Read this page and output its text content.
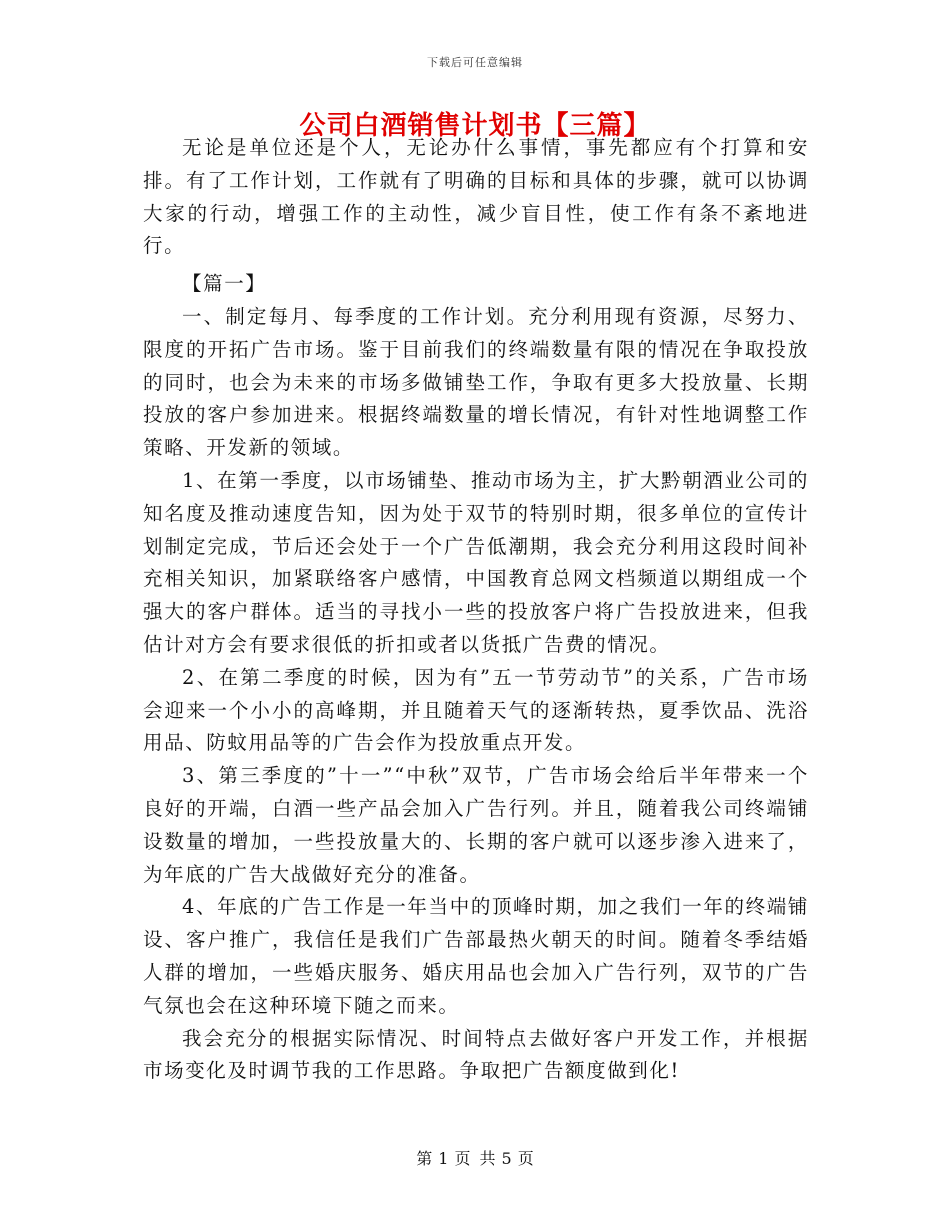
下载后可任意编辑
公司白酒销售计划书【三篇】

无论是单位还是个人，无论办什么事情，事先都应有个打算和安排。有了工作计划，工作就有了明确的目标和具体的步骤，就可以协调大家的行动，增强工作的主动性，减少盲目性，使工作有条不紊地进行。

【篇一】

一、制定每月、每季度的工作计划。充分利用现有资源，尽努力、限度的开拓广告市场。鉴于目前我们的终端数量有限的情况在争取投放的同时，也会为未来的市场多做铺垫工作，争取有更多大投放量、长期投放的客户参加进来。根据终端数量的增长情况，有针对性地调整工作策略、开发新的领域。

1、在第一季度，以市场铺垫、推动市场为主，扩大黔朝酒业公司的知名度及推动速度告知，因为处于双节的特别时期，很多单位的宣传计划制定完成，节后还会处于一个广告低潮期，我会充分利用这段时间补充相关知识，加紧联络客户感情，中国教育总网文档频道以期组成一个强大的客户群体。适当的寻找小一些的投放客户将广告投放进来，但我估计对方会有要求很低的折扣或者以货抵广告费的情况。

2、在第二季度的时候，因为有”五一节劳动节”的关系，广告市场会迎来一个小小的高峰期，并且随着天气的逐渐转热，夏季饮品、洗浴用品、防蚊用品等的广告会作为投放重点开发。

3、第三季度的”十一”“中秋”双节，广告市场会给后半年带来一个良好的开端，白酒一些产品会加入广告行列。并且，随着我公司终端铺设数量的增加，一些投放量大的、长期的客户就可以逐步渗入进来了，为年底的广告大战做好充分的准备。

4、年底的广告工作是一年当中的顶峰时期，加之我们一年的终端铺设、客户推广，我信任是我们广告部最热火朝天的时间。随着冬季结婚人群的增加，一些婚庆服务、婚庆用品也会加入广告行列，双节的广告气氛也会在这种环境下随之而来。

我会充分的根据实际情况、时间特点去做好客户开发工作，并根据市场变化及时调节我的工作思路。争取把广告额度做到化!

第 1 页 共 5 页
